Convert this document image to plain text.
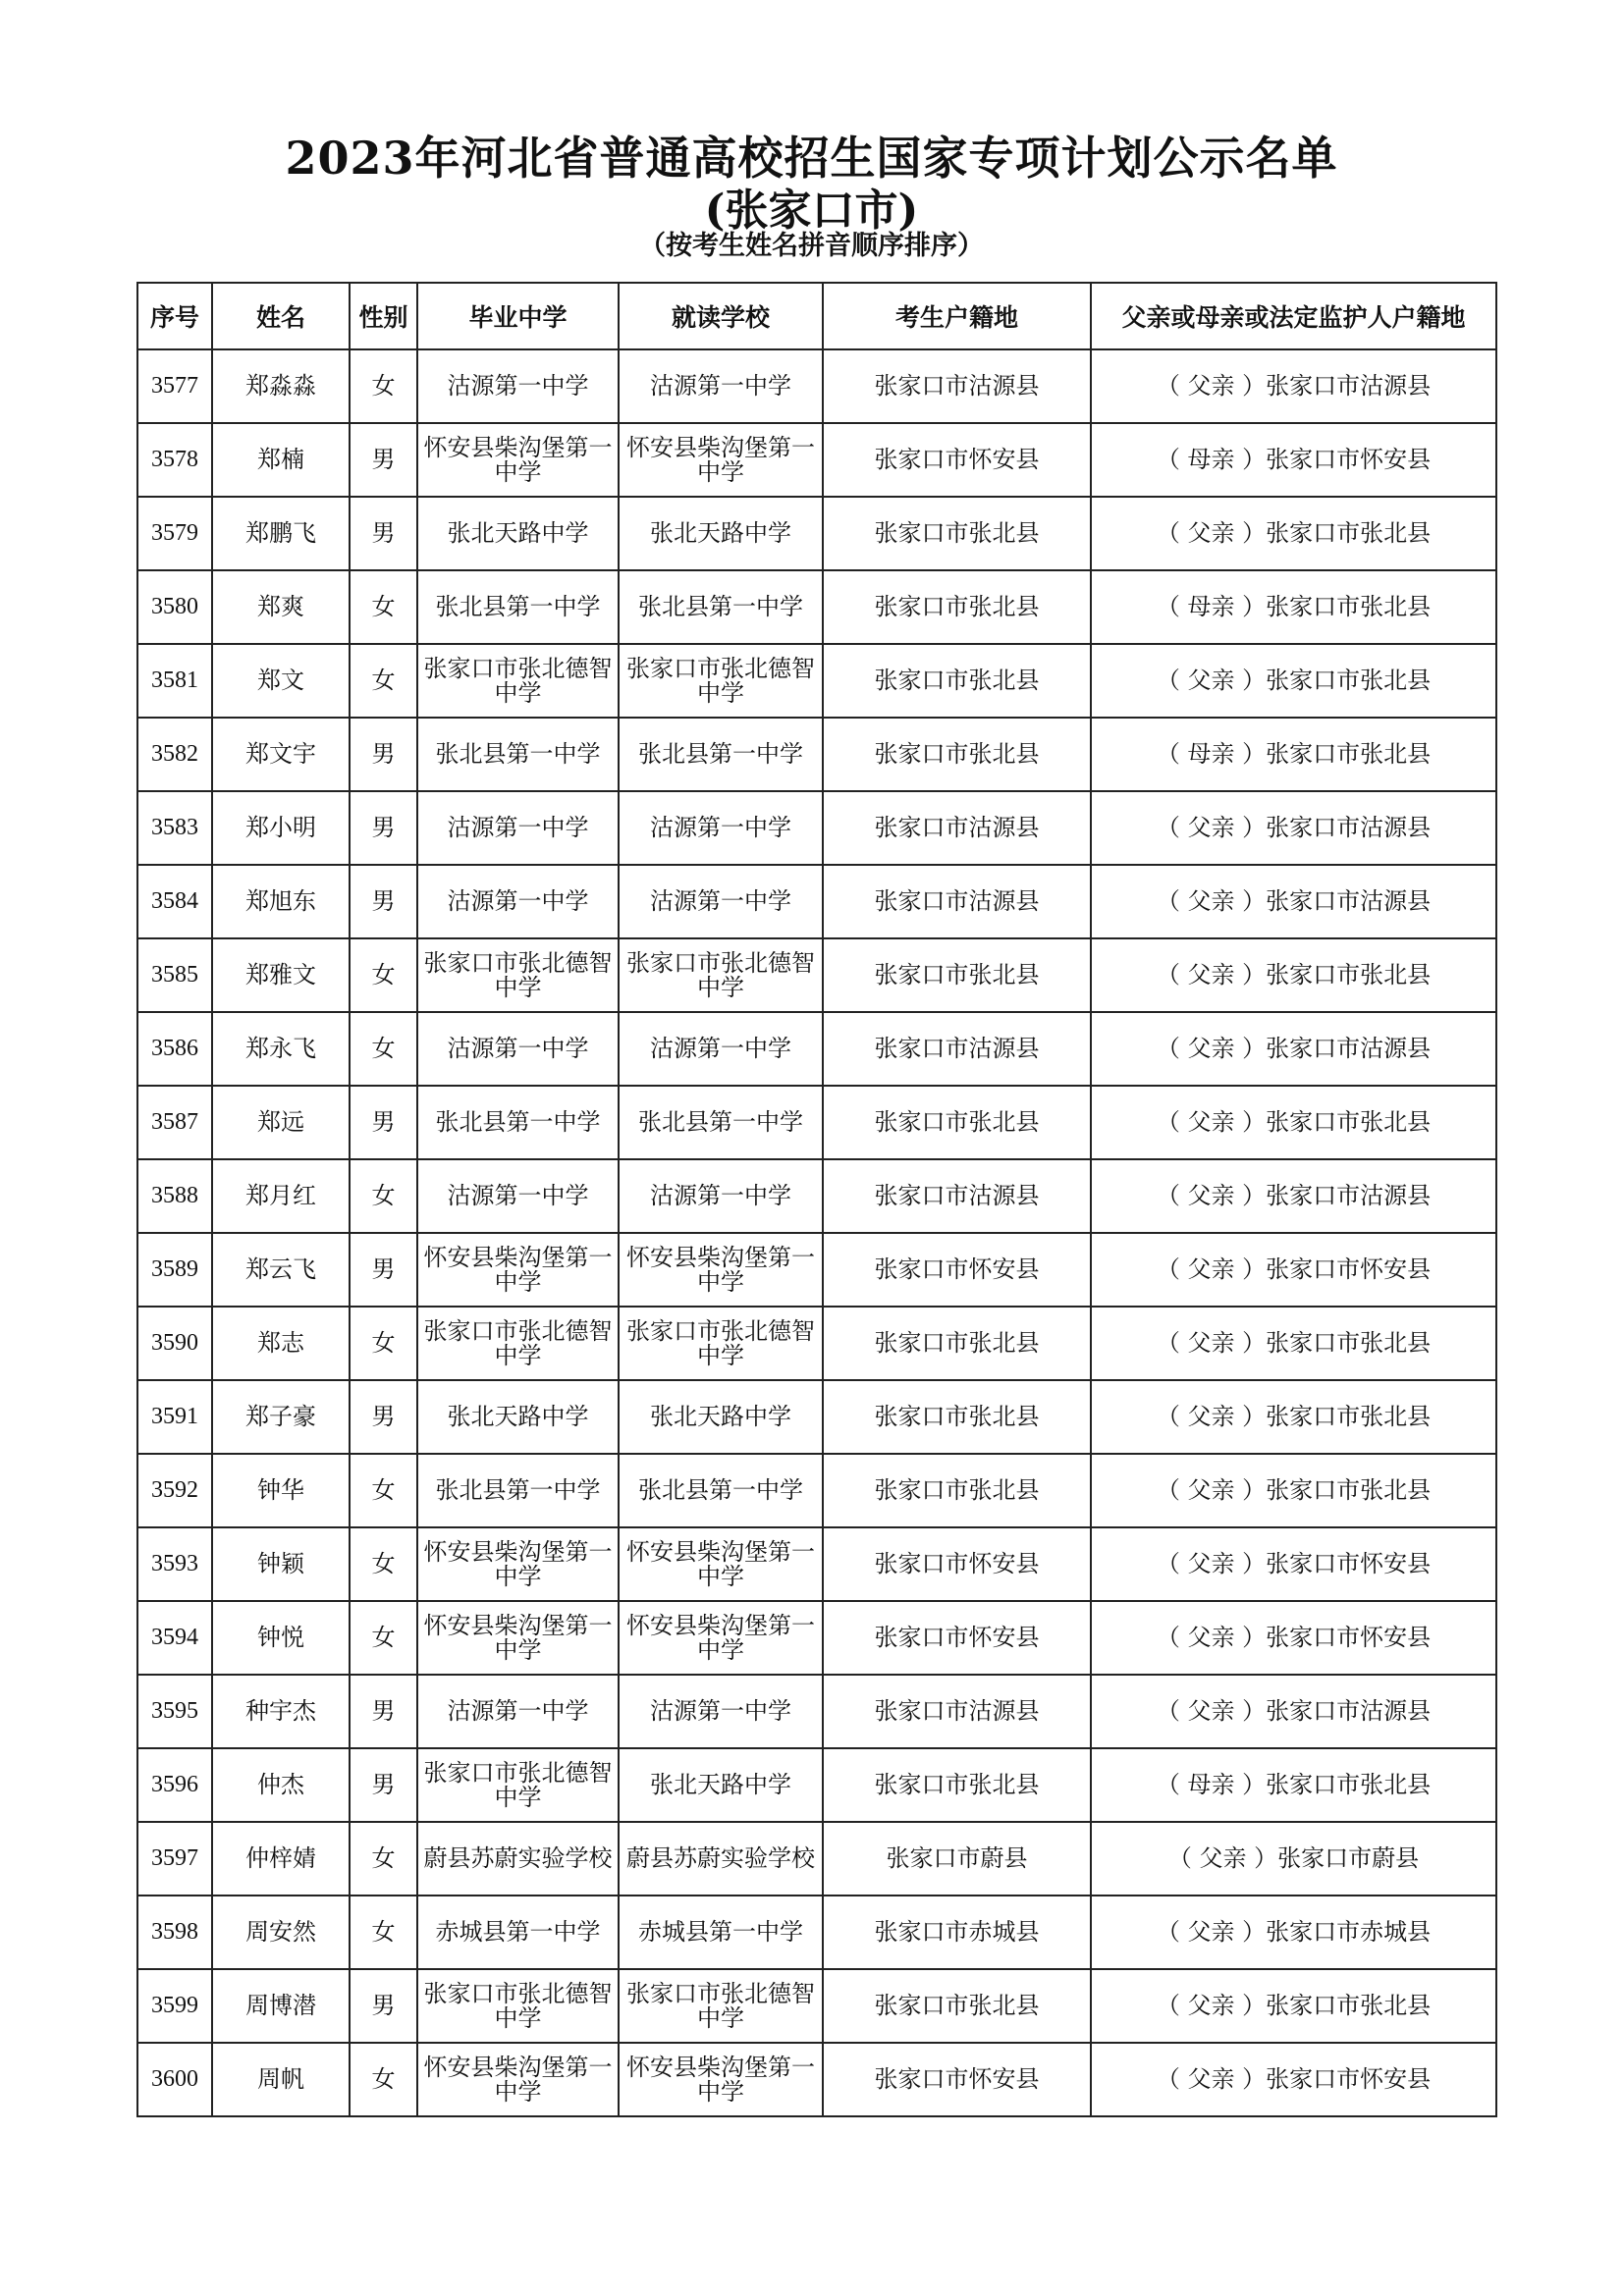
2023年河北省普通高校招生国家专项计划公示名单
(张家口市)
（按考生姓名拼音顺序排序）
序号	姓名	性别	毕业中学	就读学校	考生户籍地	父亲或母亲或法定监护人户籍地
3577	郑淼淼	女	沽源第一中学	沽源第一中学	张家口市沽源县	（ 父亲 ）张家口市沽源县
3578	郑楠	男	怀安县柴沟堡第一中学	怀安县柴沟堡第一中学	张家口市怀安县	（ 母亲 ）张家口市怀安县
3579	郑鹏飞	男	张北天路中学	张北天路中学	张家口市张北县	（ 父亲 ）张家口市张北县
3580	郑爽	女	张北县第一中学	张北县第一中学	张家口市张北县	（ 母亲 ）张家口市张北县
3581	郑文	女	张家口市张北德智中学	张家口市张北德智中学	张家口市张北县	（ 父亲 ）张家口市张北县
3582	郑文宇	男	张北县第一中学	张北县第一中学	张家口市张北县	（ 母亲 ）张家口市张北县
3583	郑小明	男	沽源第一中学	沽源第一中学	张家口市沽源县	（ 父亲 ）张家口市沽源县
3584	郑旭东	男	沽源第一中学	沽源第一中学	张家口市沽源县	（ 父亲 ）张家口市沽源县
3585	郑雅文	女	张家口市张北德智中学	张家口市张北德智中学	张家口市张北县	（ 父亲 ）张家口市张北县
3586	郑永飞	女	沽源第一中学	沽源第一中学	张家口市沽源县	（ 父亲 ）张家口市沽源县
3587	郑远	男	张北县第一中学	张北县第一中学	张家口市张北县	（ 父亲 ）张家口市张北县
3588	郑月红	女	沽源第一中学	沽源第一中学	张家口市沽源县	（ 父亲 ）张家口市沽源县
3589	郑云飞	男	怀安县柴沟堡第一中学	怀安县柴沟堡第一中学	张家口市怀安县	（ 父亲 ）张家口市怀安县
3590	郑志	女	张家口市张北德智中学	张家口市张北德智中学	张家口市张北县	（ 父亲 ）张家口市张北县
3591	郑子豪	男	张北天路中学	张北天路中学	张家口市张北县	（ 父亲 ）张家口市张北县
3592	钟华	女	张北县第一中学	张北县第一中学	张家口市张北县	（ 父亲 ）张家口市张北县
3593	钟颖	女	怀安县柴沟堡第一中学	怀安县柴沟堡第一中学	张家口市怀安县	（ 父亲 ）张家口市怀安县
3594	钟悦	女	怀安县柴沟堡第一中学	怀安县柴沟堡第一中学	张家口市怀安县	（ 父亲 ）张家口市怀安县
3595	种宇杰	男	沽源第一中学	沽源第一中学	张家口市沽源县	（ 父亲 ）张家口市沽源县
3596	仲杰	男	张家口市张北德智中学	张北天路中学	张家口市张北县	（ 母亲 ）张家口市张北县
3597	仲梓婧	女	蔚县苏蔚实验学校	蔚县苏蔚实验学校	张家口市蔚县	（ 父亲 ）张家口市蔚县
3598	周安然	女	赤城县第一中学	赤城县第一中学	张家口市赤城县	（ 父亲 ）张家口市赤城县
3599	周博潜	男	张家口市张北德智中学	张家口市张北德智中学	张家口市张北县	（ 父亲 ）张家口市张北县
3600	周帆	女	怀安县柴沟堡第一中学	怀安县柴沟堡第一中学	张家口市怀安县	（ 父亲 ）张家口市怀安县
